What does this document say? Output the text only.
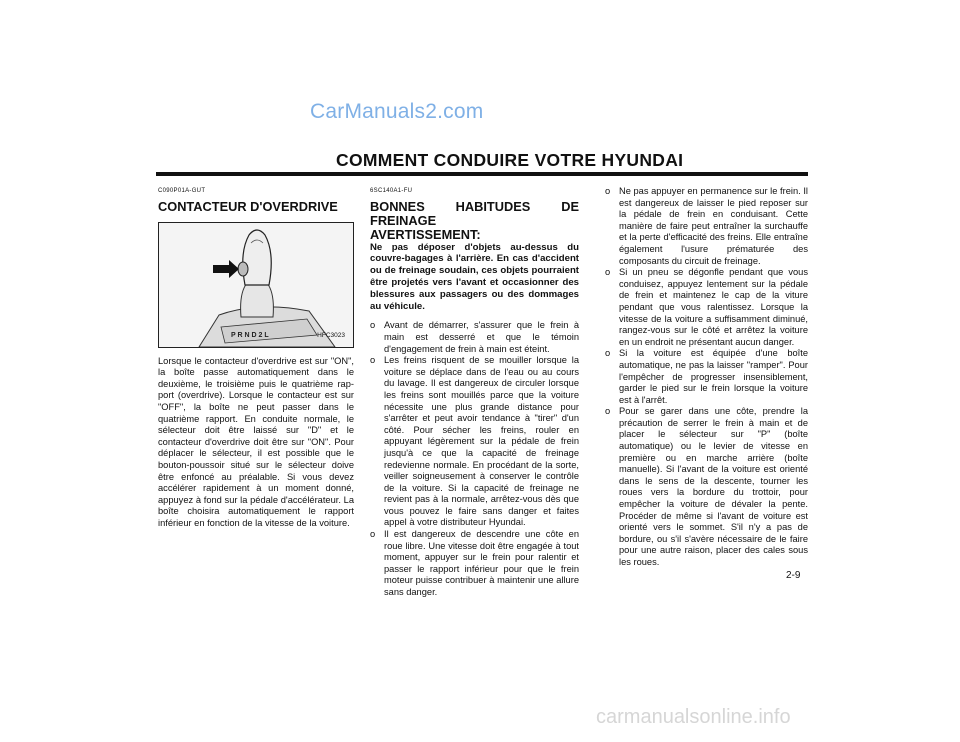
CarManuals2.com
COMMENT CONDUIRE VOTRE HYUNDAI
C090P01A-GUT
CONTACTEUR D'OVERDRIVE
P R N D 2 L	HFC3023
Lorsque le contacteur d'overdrive est sur "ON", la boîte passe automatiquement dans le deuxième, le troisième puis le quatrième rap-port (overdrive). Lorsque le contacteur est sur "OFF", la boîte ne peut passer dans le quatrième rapport. En conduite normale, le sélecteur doit être laissé sur "D" et le contacteur d'overdrive doit être sur "ON". Pour déplacer le sélecteur, il est possible que le bouton-poussoir situé sur le sélecteur doive être enfoncé au préalable. Si vous devez accélérer rapidement à un moment donné, appuyez à fond sur la pédale d'accélérateur. La boîte choisira automatiquement le rapport inférieur en fonction de la vitesse de la voiture.
6SC140A1-FU
BONNES HABITUDES DE FREINAGE
AVERTISSEMENT:
Ne pas déposer d'objets au-dessus du couvre-bagages à l'arrière. En cas d'accident ou de freinage soudain, ces objets pourraient être projetés vers l'avant et occasionner des blessures aux passagers ou des dommages au véhicule.
o Avant de démarrer, s'assurer que le frein à main est desserré et que le témoin d'engagement de frein à main est éteint.
o Les freins risquent de se mouiller lorsque la voiture se déplace dans de l'eau ou au cours du lavage. Il est dangereux de circuler lorsque les freins sont mouillés parce que la voiture nécessite une plus grande distance pour s'arrêter et peut avoir tendance à "tirer" d'un côté. Pour sécher les freins, rouler en appuyant légèrement sur la pédale de frein jusqu'à ce que la capacité de freinage redevienne normale. En procédant de la sorte, veiller soigneusement à conserver le contrôle de la voiture. Si la capacité de freinage ne revient pas à la normale, arrêtez-vous dès que vous pouvez le faire sans danger et faites appel à votre distributeur Hyundai.
o Il est dangereux de descendre une côte en roue libre. Une vitesse doit être engagée à tout moment, appuyer sur le frein pour ralentir et passer le rapport inférieur pour que le frein moteur puisse contribuer à maintenir une allure sans danger.
o Ne pas appuyer en permanence sur le frein. Il est dangereux de laisser le pied reposer sur la pédale de frein en conduisant. Cette manière de faire peut entraîner la surchauffe et la perte d'efficacité des freins. Elle entraîne également l'usure prématurée des composants du circuit de freinage.
o Si un pneu se dégonfle pendant que vous conduisez, appuyez lentement sur la pédale de frein et maintenez le cap de la viture pendant que vous ralentissez. Lorsque la vitesse de la voiture a suffisamment diminué, rangez-vous sur le côté et arrêtez la voiture en un endroit ne présentant aucun danger.
o Si la voiture est équipée d'une boîte automatique, ne pas la laisser "ramper". Pour l'empêcher de progresser insensiblement, garder le pied sur le frein lorsque la voiture est à l'arrêt.
o Pour se garer dans une côte, prendre la précaution de serrer le frein à main et de placer le sélecteur sur "P" (boîte automatique) ou le levier de vitesse en première ou en marche arrière (boîte manuelle). Si l'avant de la voiture est orienté dans le sens de la descente, tourner les roues vers la bordure du trottoir, pour empêcher la voiture de dévaler la pente. Procéder de même si l'avant de voiture est orienté vers le sommet. S'il n'y a pas de bordure, ou s'il s'avère nécessaire de le faire pour une autre raison, placer des cales sous les roues.
2-9
carmanualsonline.info
